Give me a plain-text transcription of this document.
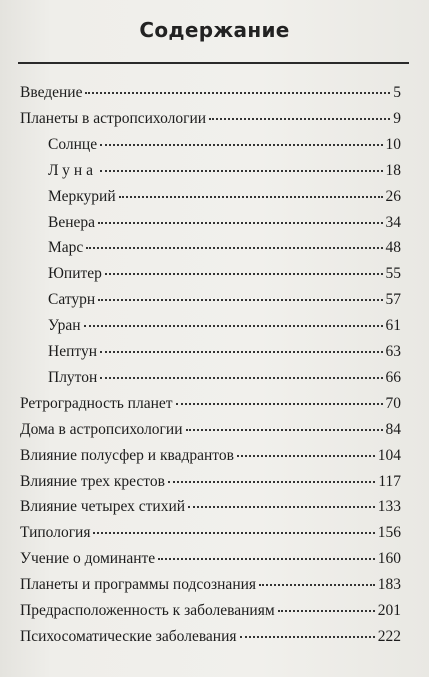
Содержание
Введение	5
Планеты в астропсихологии	9
Солнце	10
Луна	18
Меркурий	26
Венера	34
Марс	48
Юпитер	55
Сатурн	57
Уран	61
Нептун	63
Плутон	66
Ретроградность планет	70
Дома в астропсихологии	84
Влияние полусфер и квадрантов	104
Влияние трех крестов	117
Влияние четырех стихий	133
Типология	156
Учение о доминанте	160
Планеты и программы подсознания	183
Предрасположенность к заболеваниям	201
Психосоматические заболевания	222
